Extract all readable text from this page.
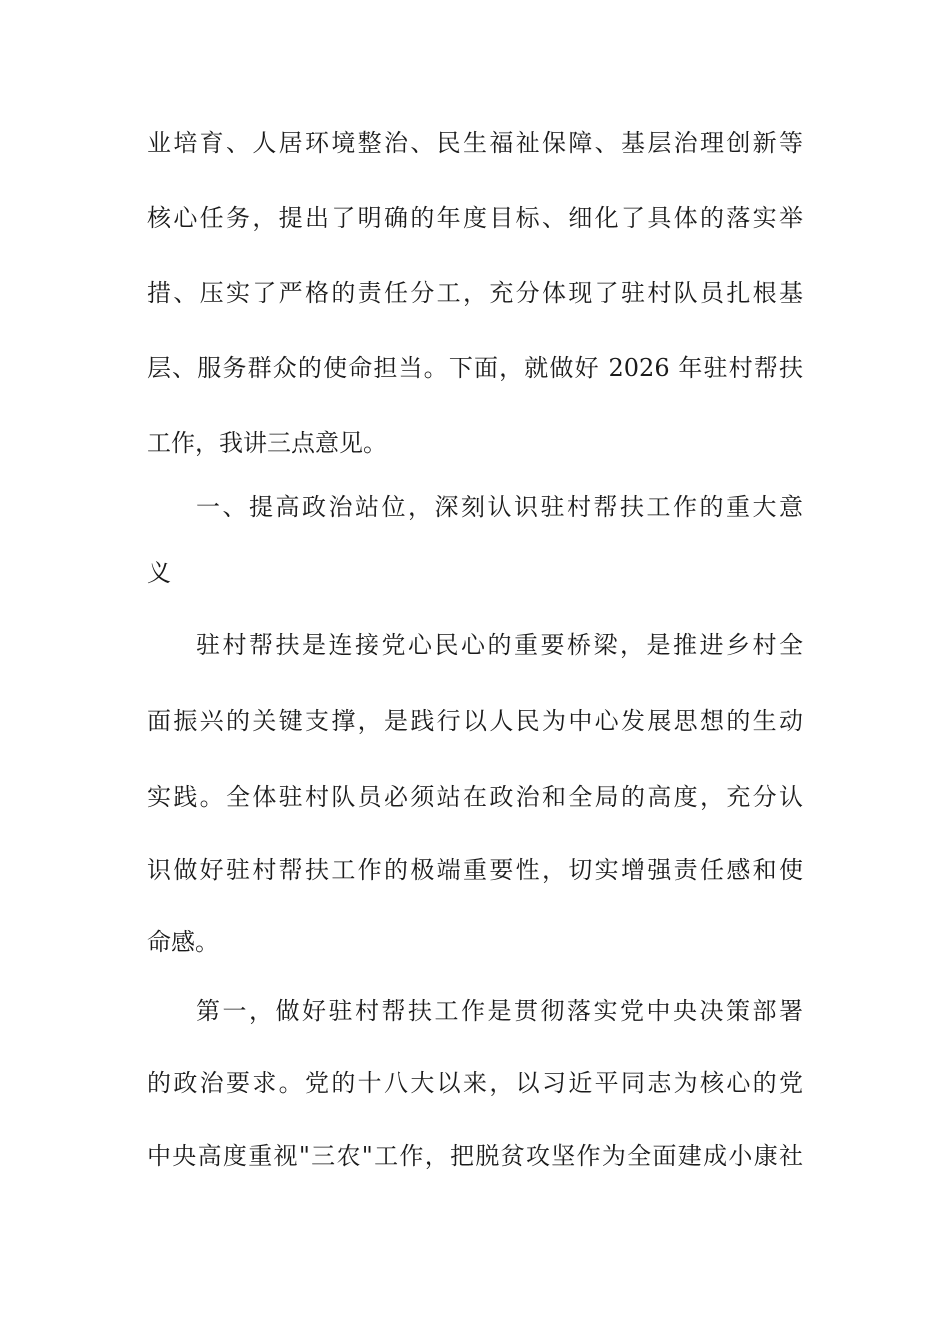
业培育、人居环境整治、民生福祉保障、基层治理创新等
核心任务，提出了明确的年度目标、细化了具体的落实举
措、压实了严格的责任分工，充分体现了驻村队员扎根基
层、服务群众的使命担当。下面，就做好 2026 年驻村帮扶
工作，我讲三点意见。
一、提高政治站位，深刻认识驻村帮扶工作的重大意
义
驻村帮扶是连接党心民心的重要桥梁，是推进乡村全
面振兴的关键支撑，是践行以人民为中心发展思想的生动
实践。全体驻村队员必须站在政治和全局的高度，充分认
识做好驻村帮扶工作的极端重要性，切实增强责任感和使
命感。
第一，做好驻村帮扶工作是贯彻落实党中央决策部署
的政治要求。党的十八大以来，以习近平同志为核心的党
中央高度重视"三农"工作，把脱贫攻坚作为全面建成小康社
